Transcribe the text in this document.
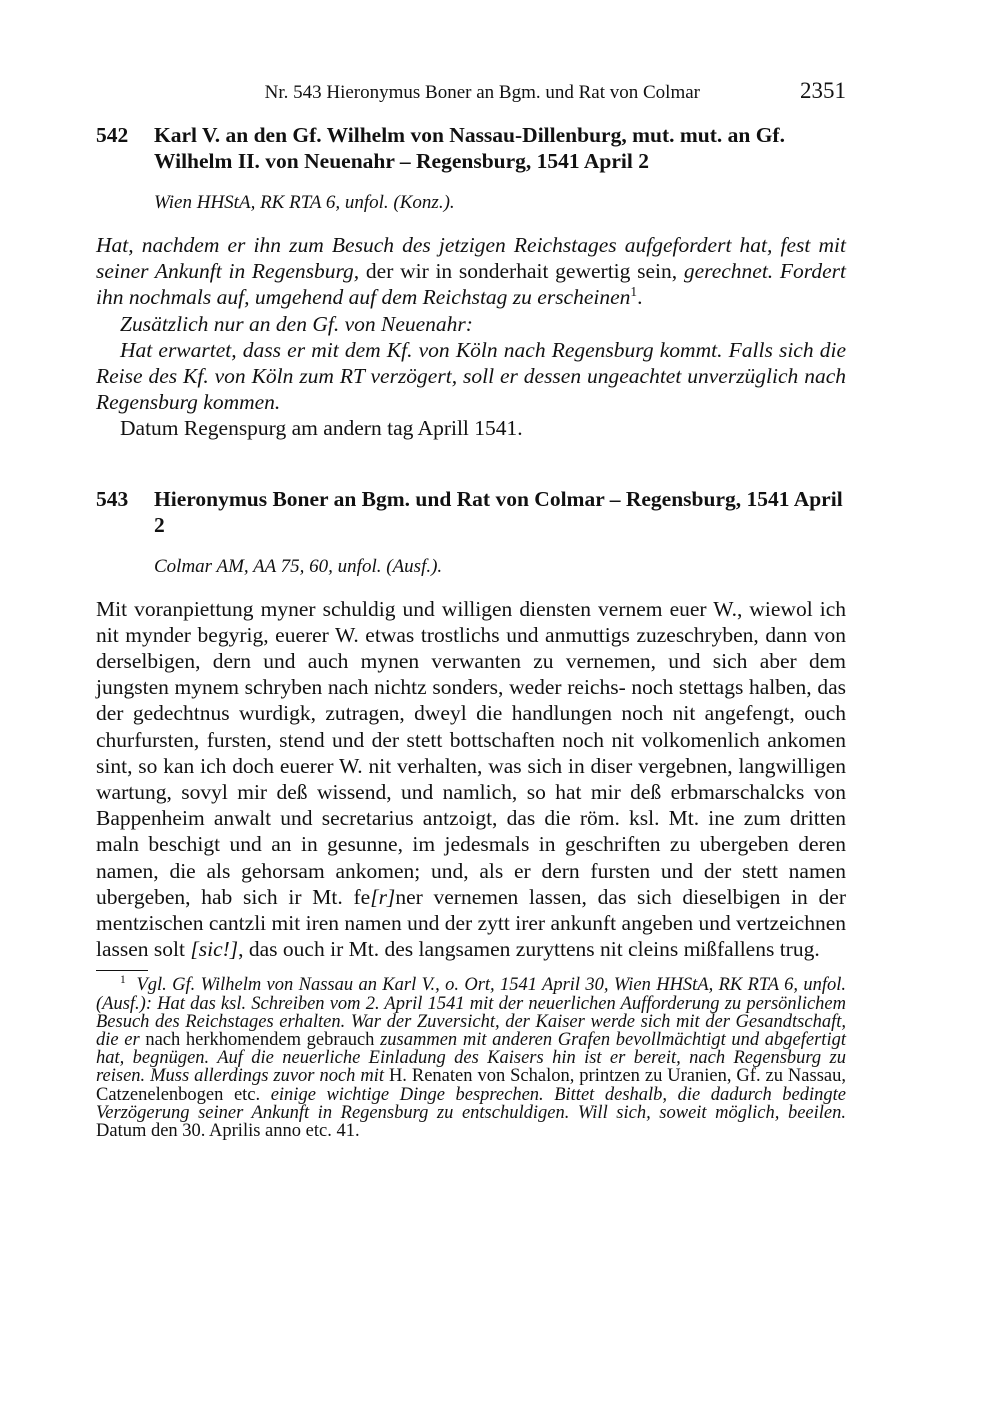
Nr. 543 Hieronymus Boner an Bgm. und Rat von Colmar	2351
542	Karl V. an den Gf. Wilhelm von Nassau-Dillenburg, mut. mut. an Gf. Wilhelm II. von Neuenahr – Regensburg, 1541 April 2
Wien HHStA, RK RTA 6, unfol. (Konz.).

Hat, nachdem er ihn zum Besuch des jetzigen Reichstages aufgefordert hat, fest mit seiner Ankunft in Regensburg, der wir in sonderhait gewertig sein, gerechnet. Fordert ihn nochmals auf, umgehend auf dem Reichstag zu erscheinen$^1$.

Zusätzlich nur an den Gf. von Neuenahr:

Hat erwartet, dass er mit dem Kf. von Köln nach Regensburg kommt. Falls sich die Reise des Kf. von Köln zum RT verzögert, soll er dessen ungeachtet unverzüglich nach Regensburg kommen.

Datum Regenspurg am andern tag Aprill 1541.

543	Hieronymus Boner an Bgm. und Rat von Colmar – Regensburg, 1541 April 2
Colmar AM, AA 75, 60, unfol. (Ausf.).

Mit voranpiettung myner schuldig und willigen diensten vernem euer W., wiewol ich nit mynder begyrig, euerer W. etwas trostlichs und anmuttigs zuzeschryben, dann von derselbigen, dern und auch mynen verwanten zu vernemen, und sich aber dem jungsten mynem schryben nach nichtz sonders, weder reichs- noch stettags halben, das der gedechtnus wurdigk, zutragen, dweyl die handlungen noch nit angefengt, ouch churfursten, fursten, stend und der stett bottschaften noch nit volkomenlich ankomen sint, so kan ich doch euerer W. nit verhalten, was sich in diser vergebnen, langwilligen wartung, sovyl mir deß wissend, und namlich, so hat mir deß erbmarschalcks von Bappenheim anwalt und secretarius antzoigt, das die röm. ksl. Mt. ine zum dritten maln beschigt und an in gesunne, im jedesmals in geschriften zu ubergeben deren namen, die als gehorsam ankomen; und, als er dern fursten und der stett namen ubergeben, hab sich ir Mt. fe[r]ner vernemen lassen, das sich dieselbigen in der mentzischen cantzli mit iren namen und der zytt irer ankunft angeben und vertzeichnen lassen solt [sic!], das ouch ir Mt. des langsamen zuryttens nit cleins mißfallens trug.

$^1$ Vgl. Gf. Wilhelm von Nassau an Karl V., o. Ort, 1541 April 30, Wien HHStA, RK RTA 6, unfol. (Ausf.): Hat das ksl. Schreiben vom 2. April 1541 mit der neuerlichen Aufforderung zu persönlichem Besuch des Reichstages erhalten. War der Zuversicht, der Kaiser werde sich mit der Gesandtschaft, die er nach herkhomendem gebrauch zusammen mit anderen Grafen bevollmächtigt und abgefertigt hat, begnügen. Auf die neuerliche Einladung des Kaisers hin ist er bereit, nach Regensburg zu reisen. Muss allerdings zuvor noch mit H. Renaten von Schalon, printzen zu Uranien, Gf. zu Nassau, Catzenelenbogen etc. einige wichtige Dinge besprechen. Bittet deshalb, die dadurch bedingte Verzögerung seiner Ankunft in Regensburg zu entschuldigen. Will sich, soweit möglich, beeilen. Datum den 30. Aprilis anno etc. 41.
